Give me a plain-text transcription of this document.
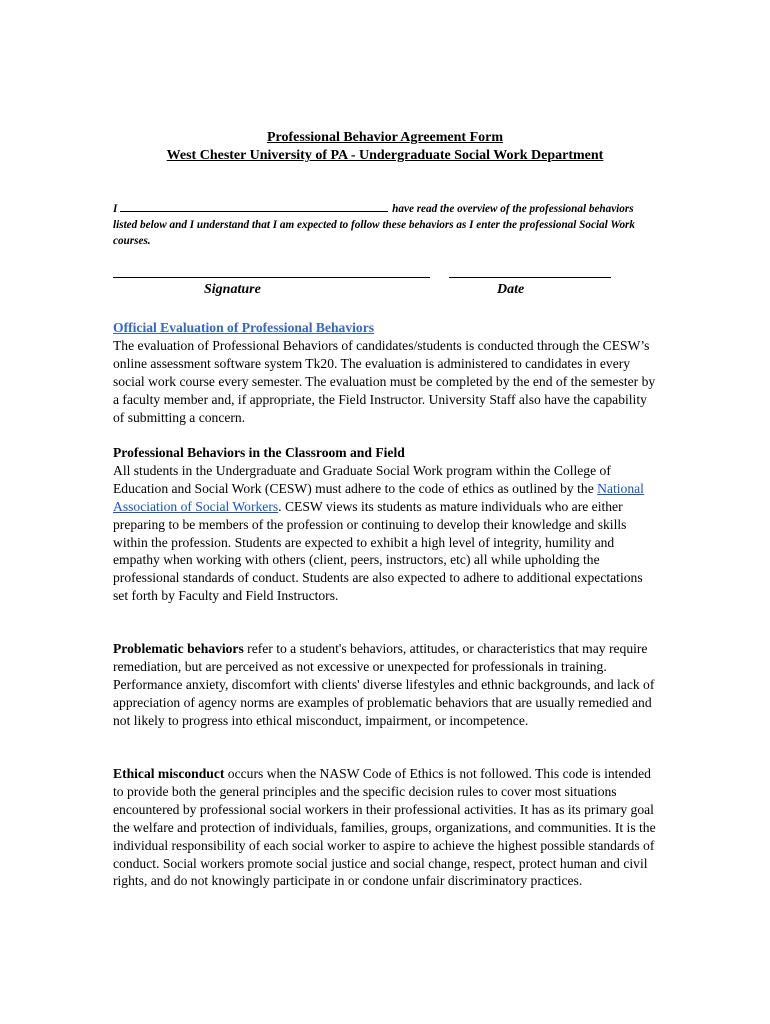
Professional Behavior Agreement Form
West Chester University of PA - Undergraduate Social Work Department
I	have read the overview of the professional behaviors listed below and I understand that I am expected to follow these behaviors as I enter the professional Social Work courses.
Signature	Date

Official Evaluation of Professional Behaviors

The evaluation of Professional Behaviors of candidates/students is conducted through the CESW’s online assessment software system Tk20. The evaluation is administered to candidates in every social work course every semester. The evaluation must be completed by the end of the semester by a faculty member and, if appropriate, the Field Instructor. University Staff also have the capability of submitting a concern.

Professional Behaviors in the Classroom and Field

All students in the Undergraduate and Graduate Social Work program within the College of Education and Social Work (CESW) must adhere to the code of ethics as outlined by the National Association of Social Workers. CESW views its students as mature individuals who are either preparing to be members of the profession or continuing to develop their knowledge and skills within the profession. Students are expected to exhibit a high level of integrity, humility and empathy when working with others (client, peers, instructors, etc) all while upholding the professional standards of conduct. Students are also expected to adhere to additional expectations set forth by Faculty and Field Instructors.

Problematic behaviors refer to a student's behaviors, attitudes, or characteristics that may require remediation, but are perceived as not excessive or unexpected for professionals in training. Performance anxiety, discomfort with clients' diverse lifestyles and ethnic backgrounds, and lack of appreciation of agency norms are examples of problematic behaviors that are usually remedied and not likely to progress into ethical misconduct, impairment, or incompetence.

Ethical misconduct occurs when the NASW Code of Ethics is not followed. This code is intended to provide both the general principles and the specific decision rules to cover most situations encountered by professional social workers in their professional activities. It has as its primary goal the welfare and protection of individuals, families, groups, organizations, and communities. It is the individual responsibility of each social worker to aspire to achieve the highest possible standards of conduct. Social workers promote social justice and social change, respect, protect human and civil rights, and do not knowingly participate in or condone unfair discriminatory practices.
